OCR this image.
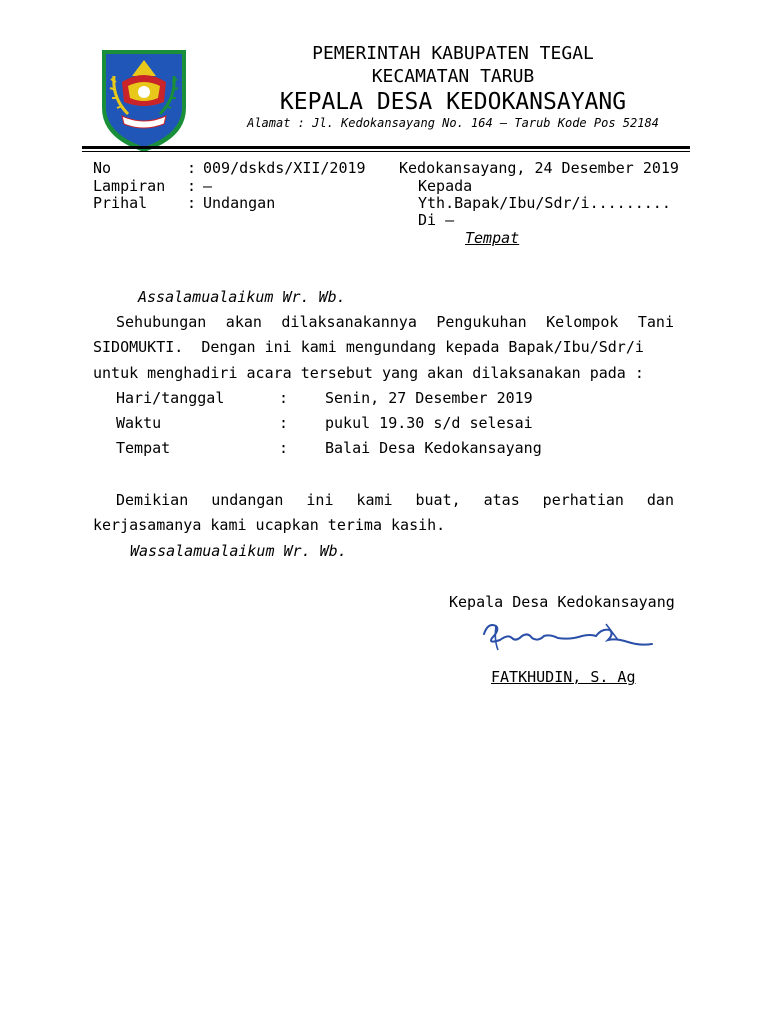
PEMERINTAH KABUPATEN TEGAL
KECAMATAN TARUB
KEPALA DESA KEDOKANSAYANG
Alamat : Jl. Kedokansayang No. 164 – Tarub Kode Pos 52184
No	: 009/dskds/XII/2019
Lampiran : –
Prihal	: Undangan
Kedokansayang, 24 Desember 2019
Kepada
Yth.Bapak/Ibu/Sdr/i.........
Di –
Tempat
Assalamualaikum Wr. Wb.
Sehubungan akan dilaksanakannya Pengukuhan Kelompok Tani
SIDOMUKTI.  Dengan ini kami mengundang kepada Bapak/Ibu/Sdr/i
untuk menghadiri acara tersebut yang akan dilaksanakan pada :
Hari/tanggal	: Senin, 27 Desember 2019
Waktu	: pukul 19.30 s/d selesai
Tempat	: Balai Desa Kedokansayang
Demikian undangan ini kami buat, atas perhatian dan
kerjasamanya kami ucapkan terima kasih.
Wassalamualaikum Wr. Wb.
Kepala Desa Kedokansayang
FATKHUDIN, S. Ag
